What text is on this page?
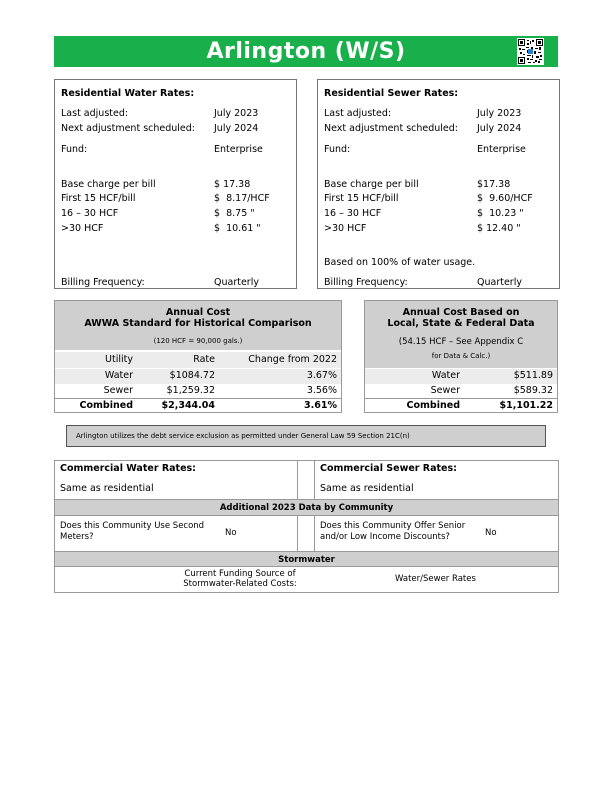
Arlington (W/S)
Residential Water Rates:
Last adjusted:	July 2023
Next adjustment scheduled: July 2024
Fund:	Enterprise
Base charge per bill	$ 17.38
First 15 HCF/bill	$  8.17/HCF
16 – 30 HCF	$  8.75 "
>30 HCF	$  10.61 "
Billing Frequency:	Quarterly
Residential Sewer Rates:
Last adjusted:	July 2023
Next adjustment scheduled: July 2024
Fund:	Enterprise
Base charge per bill	$17.38
First 15 HCF/bill	$  9.60/HCF
16 – 30 HCF	$  10.23 "
>30 HCF	$ 12.40 "
Based on 100% of water usage.
Billing Frequency:	Quarterly
Annual Cost
AWWA Standard for Historical Comparison
(120 HCF = 90,000 gals.)
Utility	Rate	Change from 2022
Water	$1084.72	3.67%
Sewer	$1,259.32	3.56%
Combined	$2,344.04	3.61%
Annual Cost Based on
Local, State & Federal Data
(54.15 HCF – See Appendix C
for Data & Calc.)
Water	$511.89
Sewer	$589.32
Combined	$1,101.22
Arlington utilizes the debt service exclusion as permitted under General Law 59 Section 21C(n)
Commercial Water Rates:
Same as residential
Commercial Sewer Rates:
Same as residential
Additional 2023 Data by Community
Does this Community Use Second Meters?	No
Does this Community Offer Senior and/or Low Income Discounts?	No
Stormwater
Current Funding Source of Stormwater-Related Costs:	Water/Sewer Rates
